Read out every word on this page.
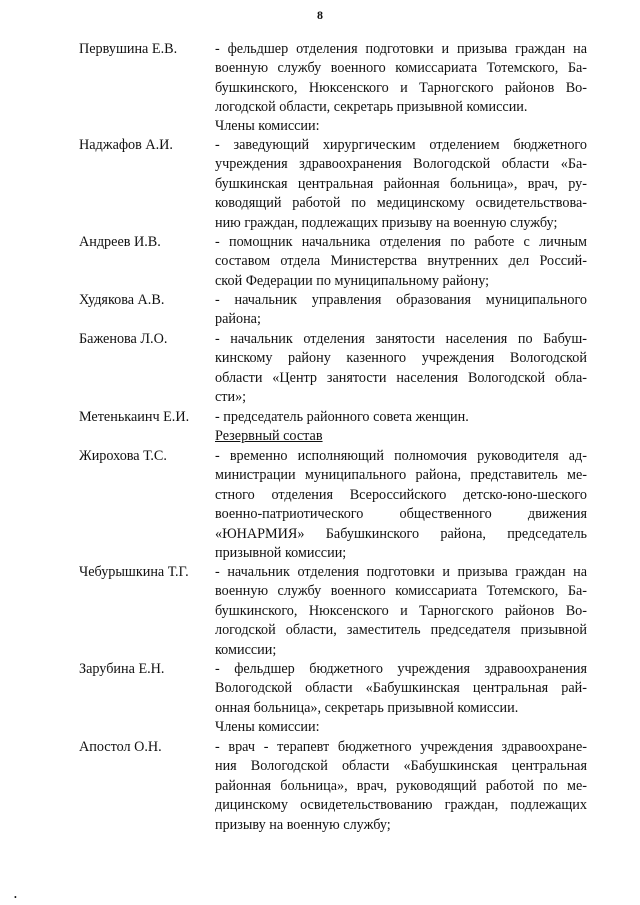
8
Первушина Е.В.	- фельдшер отделения подготовки и призыва граждан на
военную службу военного комиссариата Тотемского, Ба-
бушкинского, Нюксенского и Тарногского районов Во-
логодской области, секретарь призывной комиссии.
Члены комиссии:
Наджафов А.И.	- заведующий хирургическим отделением бюджетного
учреждения здравоохранения Вологодской области «Ба-
бушкинская центральная районная больница», врач, ру-
ководящий работой по медицинскому освидетельствова-
нию граждан, подлежащих призыву на военную службу;
Андреев И.В.	- помощник начальника отделения по работе с личным
составом отдела Министерства внутренних дел Россий-
ской Федерации по муниципальному району;
Худякова А.В.	- начальник управления образования муниципального
района;
Баженова Л.О.	- начальник отделения занятости населения по Бабуш-
кинскому району казенного учреждения Вологодской
области «Центр занятости населения Вологодской обла-
сти»;
Метенькаинч Е.И. - председатель районного совета женщин.
Резервный состав
Жирохова Т.С.	- временно исполняющий полномочия руководителя ад-
министрации муниципального района, представитель ме-
стного отделения Всероссийского детско-юно-шеского
военно-патриотического общественного движения
«ЮНАРМИЯ» Бабушкинского района, председатель
призывной комиссии;
Чебурышкина Т.Г. - начальник отделения подготовки и призыва граждан на
военную службу военного комиссариата Тотемского, Ба-
бушкинского, Нюксенского и Тарногского районов Во-
логодской области, заместитель председателя призывной
комиссии;
Зарубина Е.Н.	- фельдшер бюджетного учреждения здравоохранения
Вологодской области «Бабушкинская центральная рай-
онная больница», секретарь призывной комиссии.
Члены комиссии:
Апостол О.Н.	- врач - терапевт бюджетного учреждения здравоохране-
ния Вологодской области «Бабушкинская центральная
районная больница», врач, руководящий работой по ме-
дицинскому освидетельствованию граждан, подлежащих
призыву на военную службу;
•
